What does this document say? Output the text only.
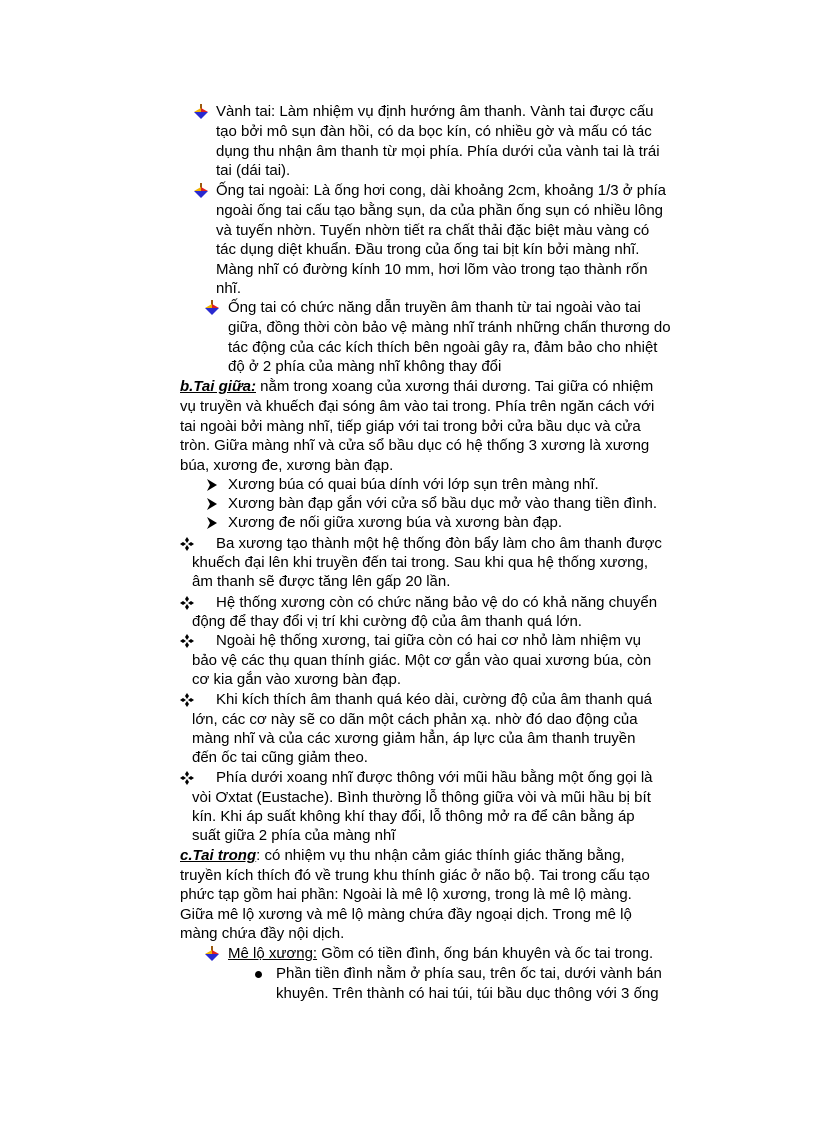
Vành tai: Làm nhiệm vụ định hướng âm thanh. Vành tai được cấu
tạo bởi mô sụn đàn hồi, có da bọc kín, có nhiều gờ và mấu có tác
dụng thu nhận âm thanh từ mọi phía. Phía dưới của vành tai là trái
tai (dái tai).
Ống tai ngoài: Là ống hơi cong, dài khoảng 2cm, khoảng 1/3 ở phía
ngoài ống tai cấu tạo bằng sụn, da của phần ống sụn có nhiều lông
và tuyến nhờn. Tuyến nhờn tiết ra chất thải đặc biệt màu vàng có
tác dụng diệt khuẩn. Đầu trong của ống tai bịt kín bởi màng nhĩ.
Màng nhĩ có đường kính 10 mm, hơi lõm vào trong tạo thành rốn
nhĩ.
Ống tai có chức năng dẫn truyền âm thanh từ tai ngoài vào tai
giữa, đồng thời còn bảo vệ màng nhĩ tránh những chấn thương do
tác động của các kích thích bên ngoài gây ra, đảm bảo cho nhiệt
độ ở 2 phía của màng nhĩ không thay đổi
b.Tai giữa: nằm trong xoang của xương thái dương. Tai giữa có nhiệm
vụ truyền và khuếch đại sóng âm vào tai trong. Phía trên ngăn cách với
tai ngoài bởi màng nhĩ, tiếp giáp với tai trong bởi cửa bầu dục và cửa
tròn. Giữa màng nhĩ và cửa sổ bầu dục có hệ thống 3 xương là xương
búa, xương đe, xương bàn đạp.
Xương búa có quai búa dính với lớp sụn trên màng nhĩ.
Xương bàn đạp gắn với cửa sổ bầu dục mở vào thang tiền đình.
Xương đe nối giữa xương búa và xương bàn đạp.
Ba xương tạo thành một hệ thống đòn bẩy làm cho âm thanh được
khuếch đại lên khi truyền đến tai trong. Sau khi qua hệ thống xương,
âm thanh sẽ được tăng lên gấp 20 lần.
Hệ thống xương còn có chức năng bảo vệ do có khả năng chuyển
động để thay đổi vị trí khi cường độ của âm thanh quá lớn.
Ngoài hệ thống xương, tai giữa còn có hai cơ nhỏ làm nhiệm vụ
bảo vệ các thụ quan thính giác. Một cơ gắn vào quai xương búa, còn
cơ kia gắn vào xương bàn đạp.
Khi kích thích âm thanh quá kéo dài, cường độ của âm thanh quá
lớn, các cơ này sẽ co dãn một cách phản xạ. nhờ đó dao động của
màng nhĩ và của các xương giảm hẳn, áp lực của âm thanh truyền
đến ốc tai cũng giảm theo.
Phía dưới xoang nhĩ được thông với mũi hầu bằng một ống gọi là
vòi Ơxtat (Eustache). Bình thường lỗ thông giữa vòi và mũi hầu bị bít
kín. Khi áp suất không khí thay đổi, lỗ thông mở ra để cân bằng áp
suất giữa 2 phía của màng nhĩ
c.Tai trong: có nhiệm vụ thu nhận cảm giác thính giác thăng bằng,
truyền kích thích đó về trung khu thính giác ở não bộ. Tai trong cấu tạo
phức tạp gồm hai phần: Ngoài là mê lộ xương, trong là mê lộ màng.
Giữa mê lộ xương và mê lộ màng chứa đầy ngoại dịch. Trong mê lộ
màng chứa đầy nội dịch.
Mê lộ xương: Gồm có tiền đình, ống bán khuyên và ốc tai trong.
Phần tiền đình nằm ở phía sau, trên ốc tai, dưới vành bán
khuyên. Trên thành có hai túi, túi bầu dục thông với 3 ống
